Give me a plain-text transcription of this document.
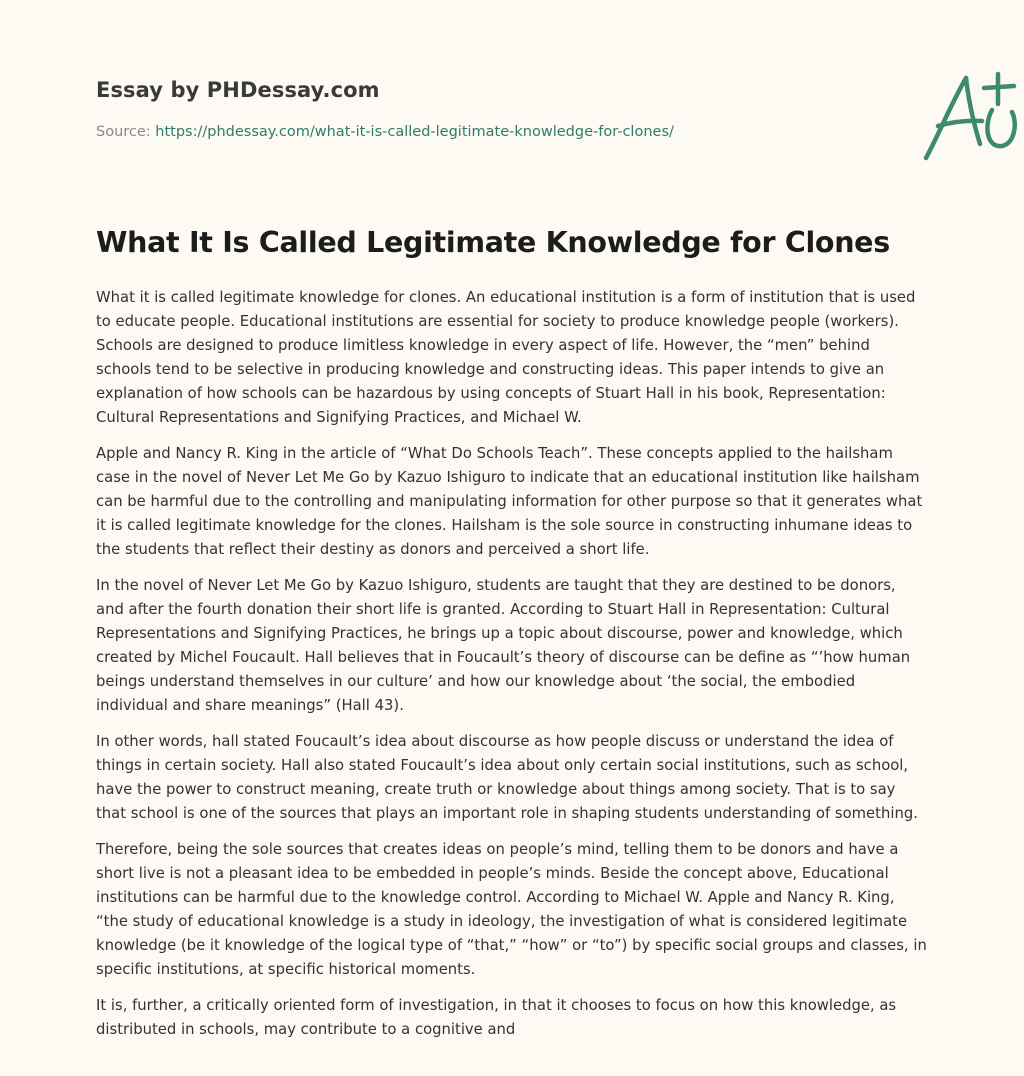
Essay by PHDessay.com
Source: https://phdessay.com/what-it-is-called-legitimate-knowledge-for-clones/
What It Is Called Legitimate Knowledge for Clones

What it is called legitimate knowledge for clones. An educational institution is a form of institution that is used to educate people. Educational institutions are essential for society to produce knowledge people (workers). Schools are designed to produce limitless knowledge in every aspect of life. However, the “men” behind schools tend to be selective in producing knowledge and constructing ideas. This paper intends to give an explanation of how schools can be hazardous by using concepts of Stuart Hall in his book, Representation: Cultural Representations and Signifying Practices, and Michael W.

Apple and Nancy R. King in the article of “What Do Schools Teach”. These concepts applied to the hailsham case in the novel of Never Let Me Go by Kazuo Ishiguro to indicate that an educational institution like hailsham can be harmful due to the controlling and manipulating information for other purpose so that it generates what it is called legitimate knowledge for the clones. Hailsham is the sole source in constructing inhumane ideas to the students that reflect their destiny as donors and perceived a short life.

In the novel of Never Let Me Go by Kazuo Ishiguro, students are taught that they are destined to be donors, and after the fourth donation their short life is granted. According to Stuart Hall in Representation: Cultural Representations and Signifying Practices, he brings up a topic about discourse, power and knowledge, which created by Michel Foucault. Hall believes that in Foucault’s theory of discourse can be define as “’how human beings understand themselves in our culture’ and how our knowledge about ‘the social, the embodied individual and share meanings” (Hall 43).

In other words, hall stated Foucault’s idea about discourse as how people discuss or understand the idea of things in certain society. Hall also stated Foucault’s idea about only certain social institutions, such as school, have the power to construct meaning, create truth or knowledge about things among society. That is to say that school is one of the sources that plays an important role in shaping students understanding of something.

Therefore, being the sole sources that creates ideas on people’s mind, telling them to be donors and have a short live is not a pleasant idea to be embedded in people’s minds. Beside the concept above, Educational institutions can be harmful due to the knowledge control. According to Michael W. Apple and Nancy R. King, “the study of educational knowledge is a study in ideology, the investigation of what is considered legitimate knowledge (be it knowledge of the logical type of “that,” “how” or “to”) by specific social groups and classes, in specific institutions, at specific historical moments.

It is, further, a critically oriented form of investigation, in that it chooses to focus on how this knowledge, as distributed in schools, may contribute to a cognitive and
